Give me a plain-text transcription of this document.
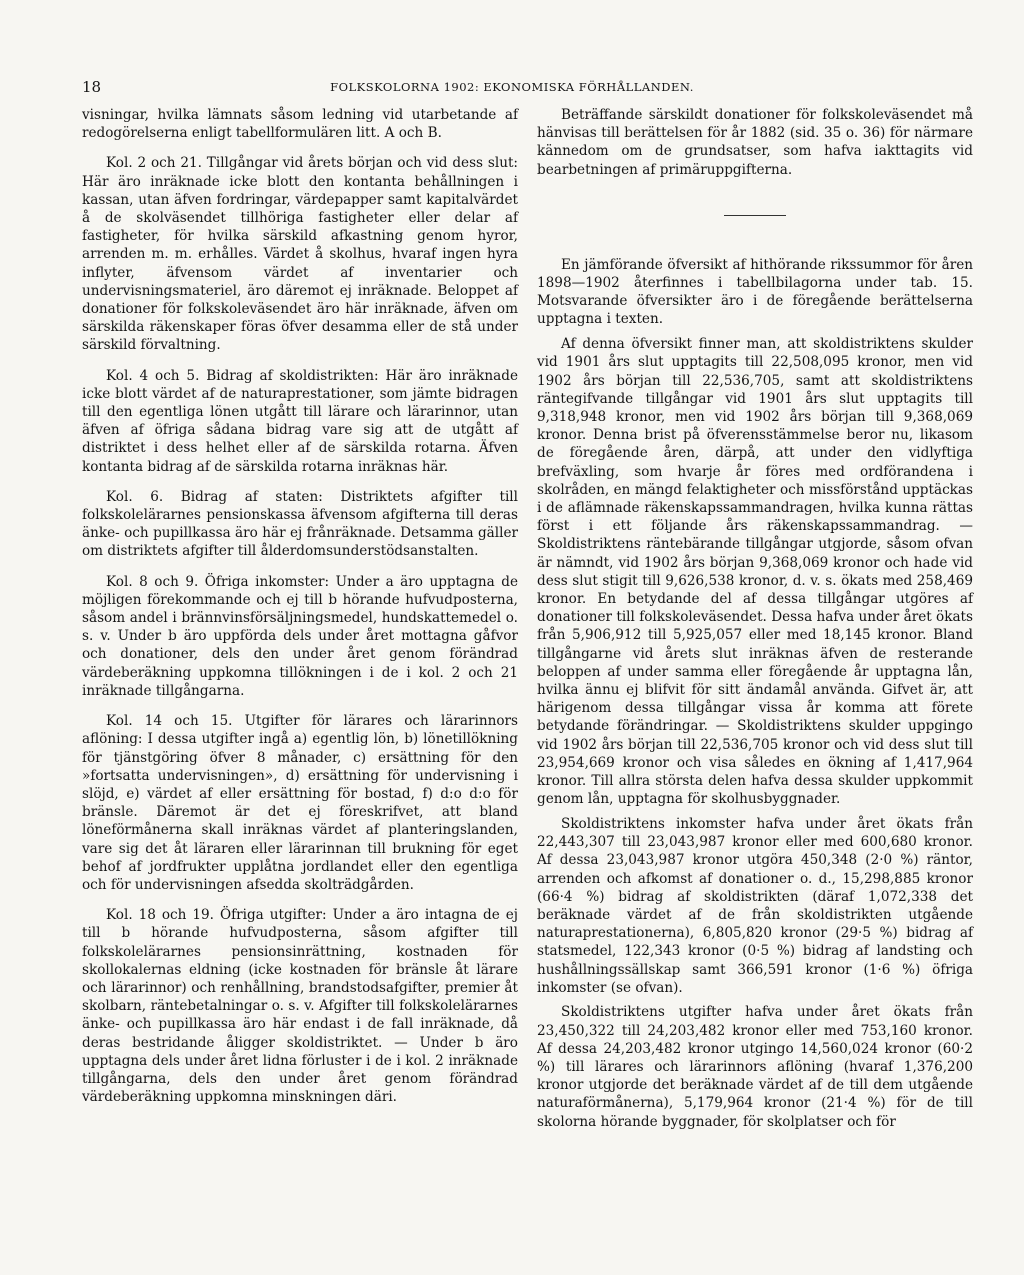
18	FOLKSKOLORNA 1902: EKONOMISKA FÖRHÅLLANDEN.

visningar, hvilka lämnats såsom ledning vid utarbetande af redogörelserna enligt tabellformulären litt. A och B.

Kol. 2 och 21. Tillgångar vid årets början och vid dess slut: Här äro inräknade icke blott den kontanta behållningen i kassan, utan äfven fordringar, värdepapper samt kapitalvärdet å de skolväsendet tillhöriga fastigheter eller delar af fastigheter, för hvilka särskild afkastning genom hyror, arrenden m. m. erhålles. Värdet å skolhus, hvaraf ingen hyra inflyter, äfvensom värdet af inventarier och undervisningsmateriel, äro däremot ej inräknade. Beloppet af donationer för folkskoleväsendet äro här inräknade, äfven om särskilda räkenskaper föras öfver desamma eller de stå under särskild förvaltning.

Kol. 4 och 5. Bidrag af skoldistrikten: Här äro inräknade icke blott värdet af de naturaprestationer, som jämte bidragen till den egentliga lönen utgått till lärare och lärarinnor, utan äfven af öfriga sådana bidrag vare sig att de utgått af distriktet i dess helhet eller af de särskilda rotarna. Äfven kontanta bidrag af de särskilda rotarna inräknas här.

Kol. 6. Bidrag af staten: Distriktets afgifter till folkskolelärarnes pensionskassa äfvensom afgifterna till deras änke- och pupillkassa äro här ej frånräknade. Detsamma gäller om distriktets afgifter till ålderdomsunderstödsanstalten.

Kol. 8 och 9. Öfriga inkomster: Under a äro upptagna de möjligen förekommande och ej till b hörande hufvudposterna, såsom andel i brännvinsförsäljningsmedel, hundskattemedel o. s. v. Under b äro uppförda dels under året mottagna gåfvor och donationer, dels den under året genom förändrad värdeberäkning uppkomna tillökningen i de i kol. 2 och 21 inräknade tillgångarna.

Kol. 14 och 15. Utgifter för lärares och lärarinnors aflöning: I dessa utgifter ingå a) egentlig lön, b) lönetillökning för tjänstgöring öfver 8 månader, c) ersättning för den »fortsatta undervisningen», d) ersättning för undervisning i slöjd, e) värdet af eller ersättning för bostad, f) d:o d:o för bränsle. Däremot är det ej föreskrifvet, att bland löneförmånerna skall inräknas värdet af planteringslanden, vare sig det åt läraren eller lärarinnan till brukning för eget behof af jordfrukter upplåtna jordlandet eller den egentliga och för undervisningen afsedda skolträdgården.

Kol. 18 och 19. Öfriga utgifter: Under a äro intagna de ej till b hörande hufvudposterna, såsom afgifter till folkskolelärarnes pensionsinrättning, kostnaden för skollokalernas eldning (icke kostnaden för bränsle åt lärare och lärarinnor) och renhållning, brandstodsafgifter, premier åt skolbarn, räntebetalningar o. s. v. Afgifter till folkskolelärarnes änke- och pupillkassa äro här endast i de fall inräknade, då deras bestridande åligger skoldistriktet. — Under b äro upptagna dels under året lidna förluster i de i kol. 2 inräknade tillgångarna, dels den under året genom förändrad värdeberäkning uppkomna minskningen däri.

Beträffande särskildt donationer för folkskoleväsendet må hänvisas till berättelsen för år 1882 (sid. 35 o. 36) för närmare kännedom om de grundsatser, som hafva iakttagits vid bearbetningen af primäruppgifterna.

En jämförande öfversikt af hithörande rikssummor för åren 1898—1902 återfinnes i tabellbilagorna under tab. 15. Motsvarande öfversikter äro i de föregående berättelserna upptagna i texten.

Af denna öfversikt finner man, att skoldistriktens skulder vid 1901 års slut upptagits till 22,508,095 kronor, men vid 1902 års början till 22,536,705, samt att skoldistriktens räntegifvande tillgångar vid 1901 års slut upptagits till 9,318,948 kronor, men vid 1902 års början till 9,368,069 kronor. Denna brist på öfverensstämmelse beror nu, likasom de föregående åren, därpå, att under den vidlyftiga brefväxling, som hvarje år föres med ordförandena i skolråden, en mängd felaktigheter och missförstånd upptäckas i de aflämnade räkenskapssammandragen, hvilka kunna rättas först i ett följande års räkenskapssammandrag. — Skoldistriktens räntebärande tillgångar utgjorde, såsom ofvan är nämndt, vid 1902 års början 9,368,069 kronor och hade vid dess slut stigit till 9,626,538 kronor, d. v. s. ökats med 258,469 kronor. En betydande del af dessa tillgångar utgöres af donationer till folkskoleväsendet. Dessa hafva under året ökats från 5,906,912 till 5,925,057 eller med 18,145 kronor. Bland tillgångarne vid årets slut inräknas äfven de resterande beloppen af under samma eller föregående år upptagna lån, hvilka ännu ej blifvit för sitt ändamål använda. Gifvet är, att härigenom dessa tillgångar vissa år komma att förete betydande förändringar. — Skoldistriktens skulder uppgingo vid 1902 års början till 22,536,705 kronor och vid dess slut till 23,954,669 kronor och visa således en ökning af 1,417,964 kronor. Till allra största delen hafva dessa skulder uppkommit genom lån, upptagna för skolhusbyggnader.

Skoldistriktens inkomster hafva under året ökats från 22,443,307 till 23,043,987 kronor eller med 600,680 kronor. Af dessa 23,043,987 kronor utgöra 450,348 (2·0 %) räntor, arrenden och afkomst af donationer o. d., 15,298,885 kronor (66·4 %) bidrag af skoldistrikten (däraf 1,072,338 det beräknade värdet af de från skoldistrikten utgående naturaprestationerna), 6,805,820 kronor (29·5 %) bidrag af statsmedel, 122,343 kronor (0·5 %) bidrag af landsting och hushållningssällskap samt 366,591 kronor (1·6 %) öfriga inkomster (se ofvan).

Skoldistriktens utgifter hafva under året ökats från 23,450,322 till 24,203,482 kronor eller med 753,160 kronor. Af dessa 24,203,482 kronor utgingo 14,560,024 kronor (60·2 %) till lärares och lärarinnors aflöning (hvaraf 1,376,200 kronor utgjorde det beräknade värdet af de till dem utgående naturaförmånerna), 5,179,964 kronor (21·4 %) för de till skolorna hörande byggnader, för skolplatser och för
